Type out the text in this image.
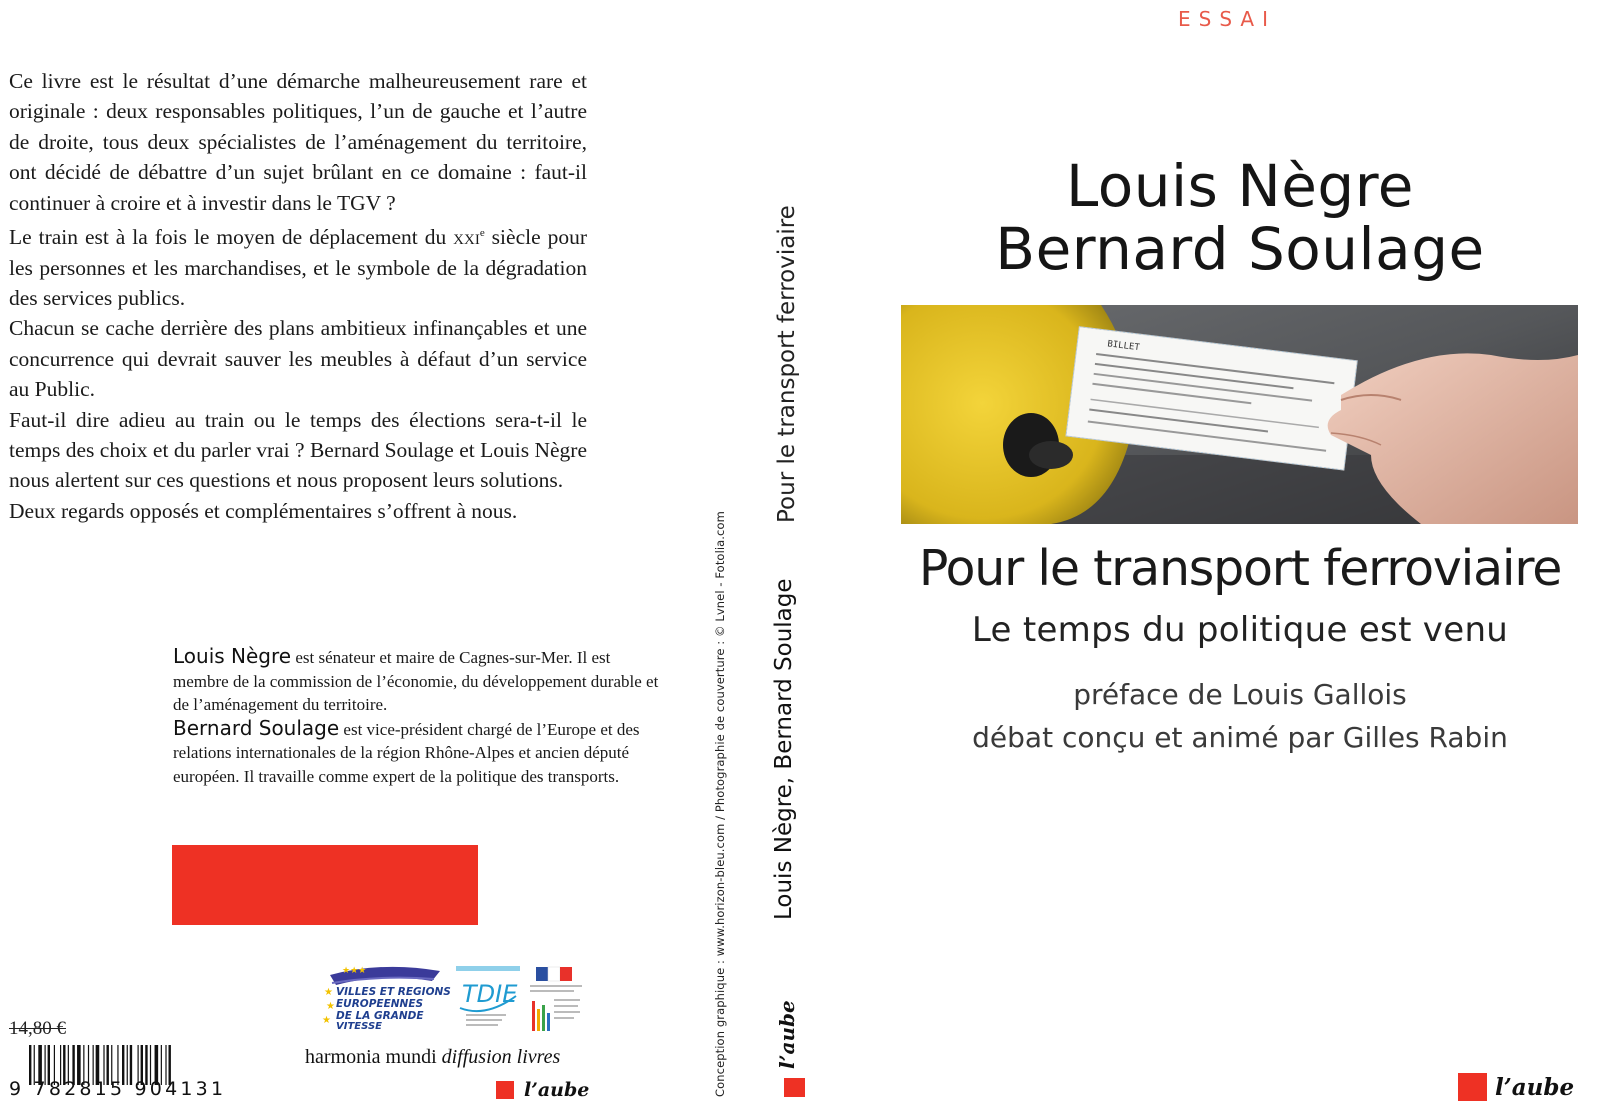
Ce livre est le résultat d’une démarche malheureusement rare et originale : deux responsables politiques, l’un de gauche et l’autre de droite, tous deux spécialistes de l’aménagement du territoire, ont décidé de débattre d’un sujet brûlant en ce domaine : faut-il continuer à croire et à investir dans le TGV ?

Le train est à la fois le moyen de déplacement du xxi$^e$ siècle pour les personnes et les marchandises, et le symbole de la dégradation des services publics.

Chacun se cache derrière des plans ambitieux infinançables et une concurrence qui devrait sauver les meubles à défaut d’un service au Public.

Faut-il dire adieu au train ou le temps des élections sera-t-il le temps des choix et du parler vrai ? Bernard Soulage et Louis Nègre nous alertent sur ces questions et nous proposent leurs solutions.

Deux regards opposés et complémentaires s’offrent à nous.

Louis Nègre est sénateur et maire de Cagnes-sur-Mer. Il est membre de la commission de l’économie, du développement durable et de l’aménagement du territoire.

Bernard Soulage est vice-président chargé de l’Europe et des relations internationales de la région Rhône-Alpes et ancien député européen. Il travaille comme expert de la politique des transports.

14,80 €
9 782815 904131
★★★
★
★
★
VILLES ET REGIONS
EUROPEENNES
DE LA GRANDE
VITESSE
TDIE
harmonia mundi diffusion livres
l’aube	Conception graphique : www.horizon-bleu.com / Photographie de couverture : © Lvnel - Fotolia.com
Pour le transport ferroviaire
Louis Nègre, Bernard Soulage
l’aube
ESSAI
Louis Nègre
Bernard Soulage
BILLET
Pour le transport ferroviaire
Le temps du politique est venu
préface de Louis Gallois
débat conçu et animé par Gilles Rabin
l’aube
